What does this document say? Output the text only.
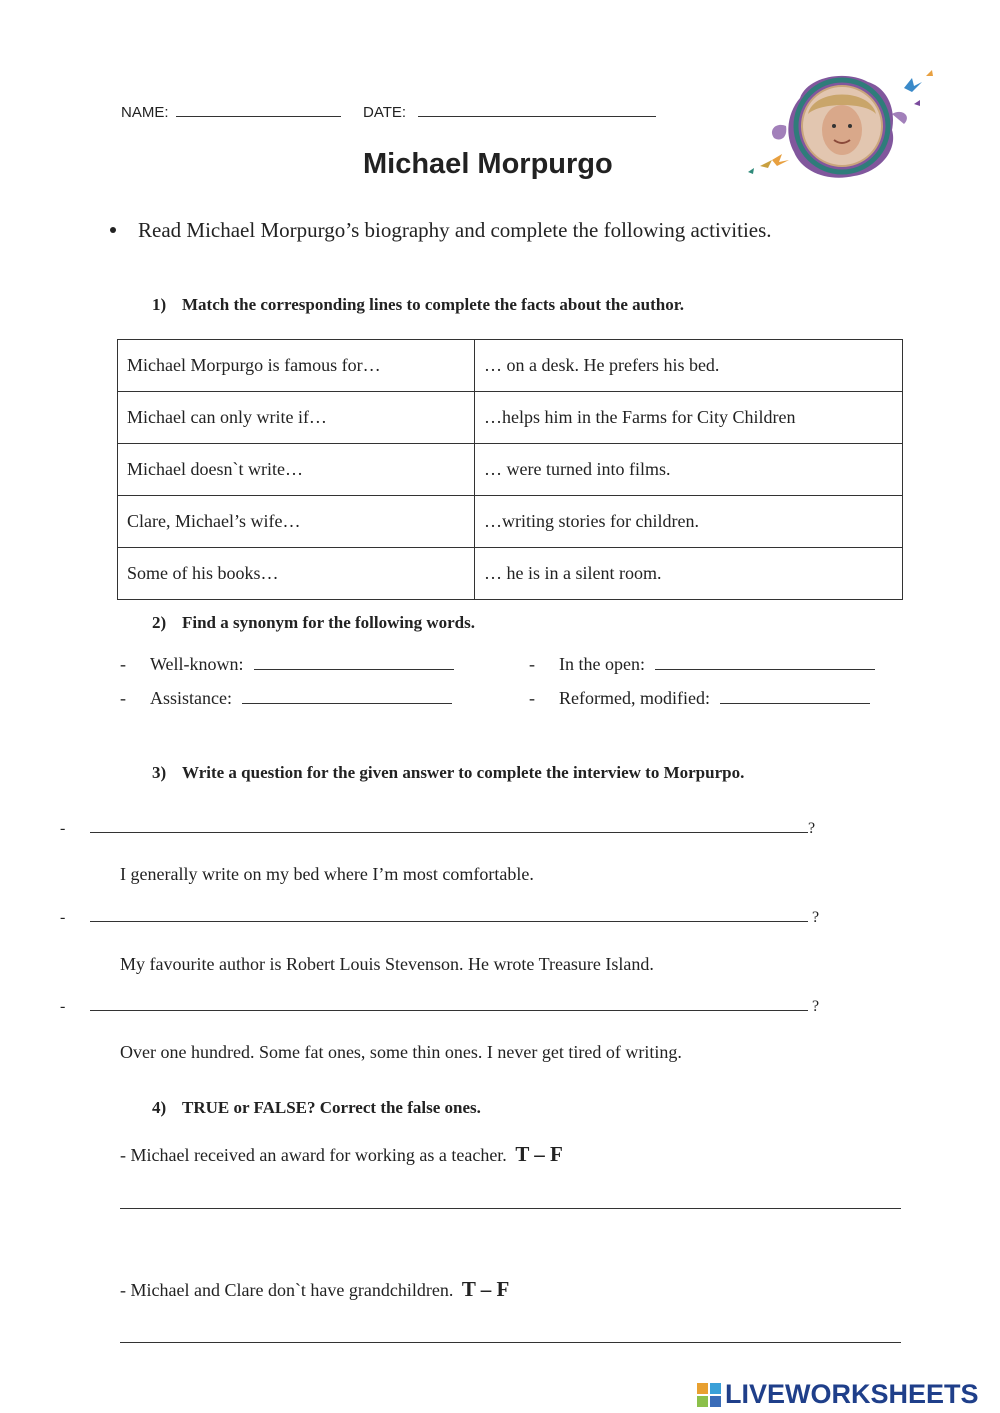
NAME:	DATE:
Michael Morpurgo
Read Michael Morpurgo’s biography and complete the following activities.
1) Match the corresponding lines to complete the facts about the author.
Michael Morpurgo is famous for…	… on a desk. He prefers his bed.
Michael can only write if…	…helps him in the Farms for City Children
Michael doesn`t write…	… were turned into films.
Clare, Michael’s wife…	…writing stories for children.
Some of his books…	… he is in a silent room.
2) Find a synonym for the following words.
- Well-known:	- In the open:
- Assistance:	- Reformed, modified:
3) Write a question for the given answer to complete the interview to Morpurpo.
-	?
I generally write on my bed where I’m most comfortable.
-	?
My favourite author is Robert Louis Stevenson. He wrote Treasure Island.
-	?
Over one hundred. Some fat ones, some thin ones. I never get tired of writing.
4) TRUE or FALSE? Correct the false ones.
- Michael received an award for working as a teacher. T – F
- Michael and Clare don`t have grandchildren. T – F
LIVEWORKSHEETS
